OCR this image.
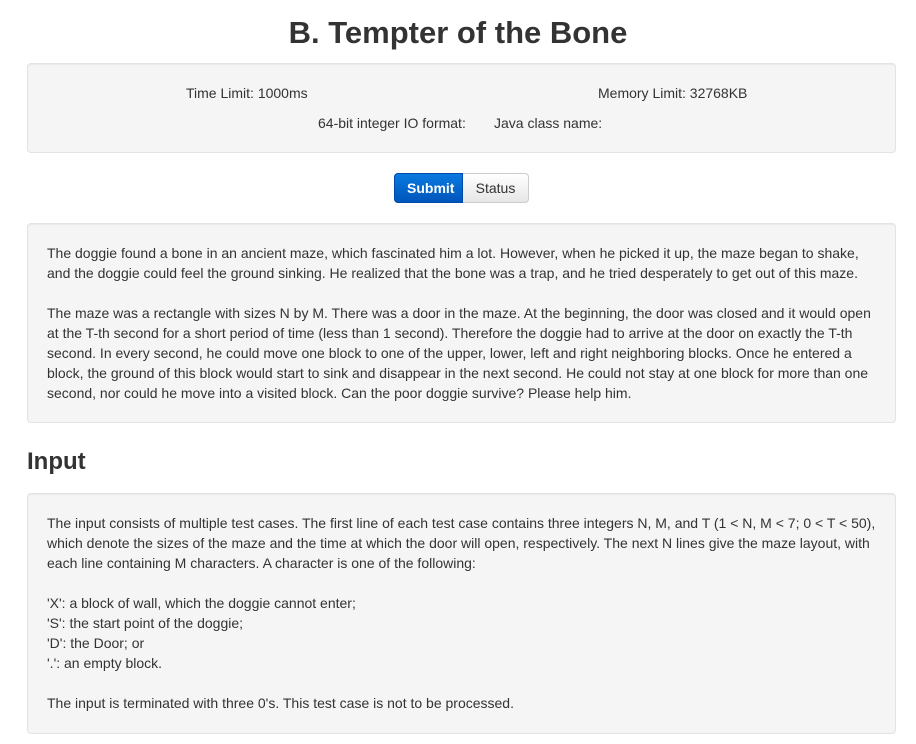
B. Tempter of the Bone
Time Limit: 1000ms	Memory Limit: 32768KB
64-bit integer IO format: Java class name:
Submit	Status

The doggie found a bone in an ancient maze, which fascinated him a lot. However, when he picked it up, the maze began to shake, and the doggie could feel the ground sinking. He realized that the bone was a trap, and he tried desperately to get out of this maze.

The maze was a rectangle with sizes N by M. There was a door in the maze. At the beginning, the door was closed and it would open at the T-th second for a short period of time (less than 1 second). Therefore the doggie had to arrive at the door on exactly the T-th second. In every second, he could move one block to one of the upper, lower, left and right neighboring blocks. Once he entered a block, the ground of this block would start to sink and disappear in the next second. He could not stay at one block for more than one second, nor could he move into a visited block. Can the poor doggie survive? Please help him.

Input

The input consists of multiple test cases. The first line of each test case contains three integers N, M, and T (1 < N, M < 7; 0 < T < 50), which denote the sizes of the maze and the time at which the door will open, respectively. The next N lines give the maze layout, with each line containing M characters. A character is one of the following:

'X': a block of wall, which the doggie cannot enter;

'S': the start point of the doggie;

'D': the Door; or

'.': an empty block.

The input is terminated with three 0's. This test case is not to be processed.
